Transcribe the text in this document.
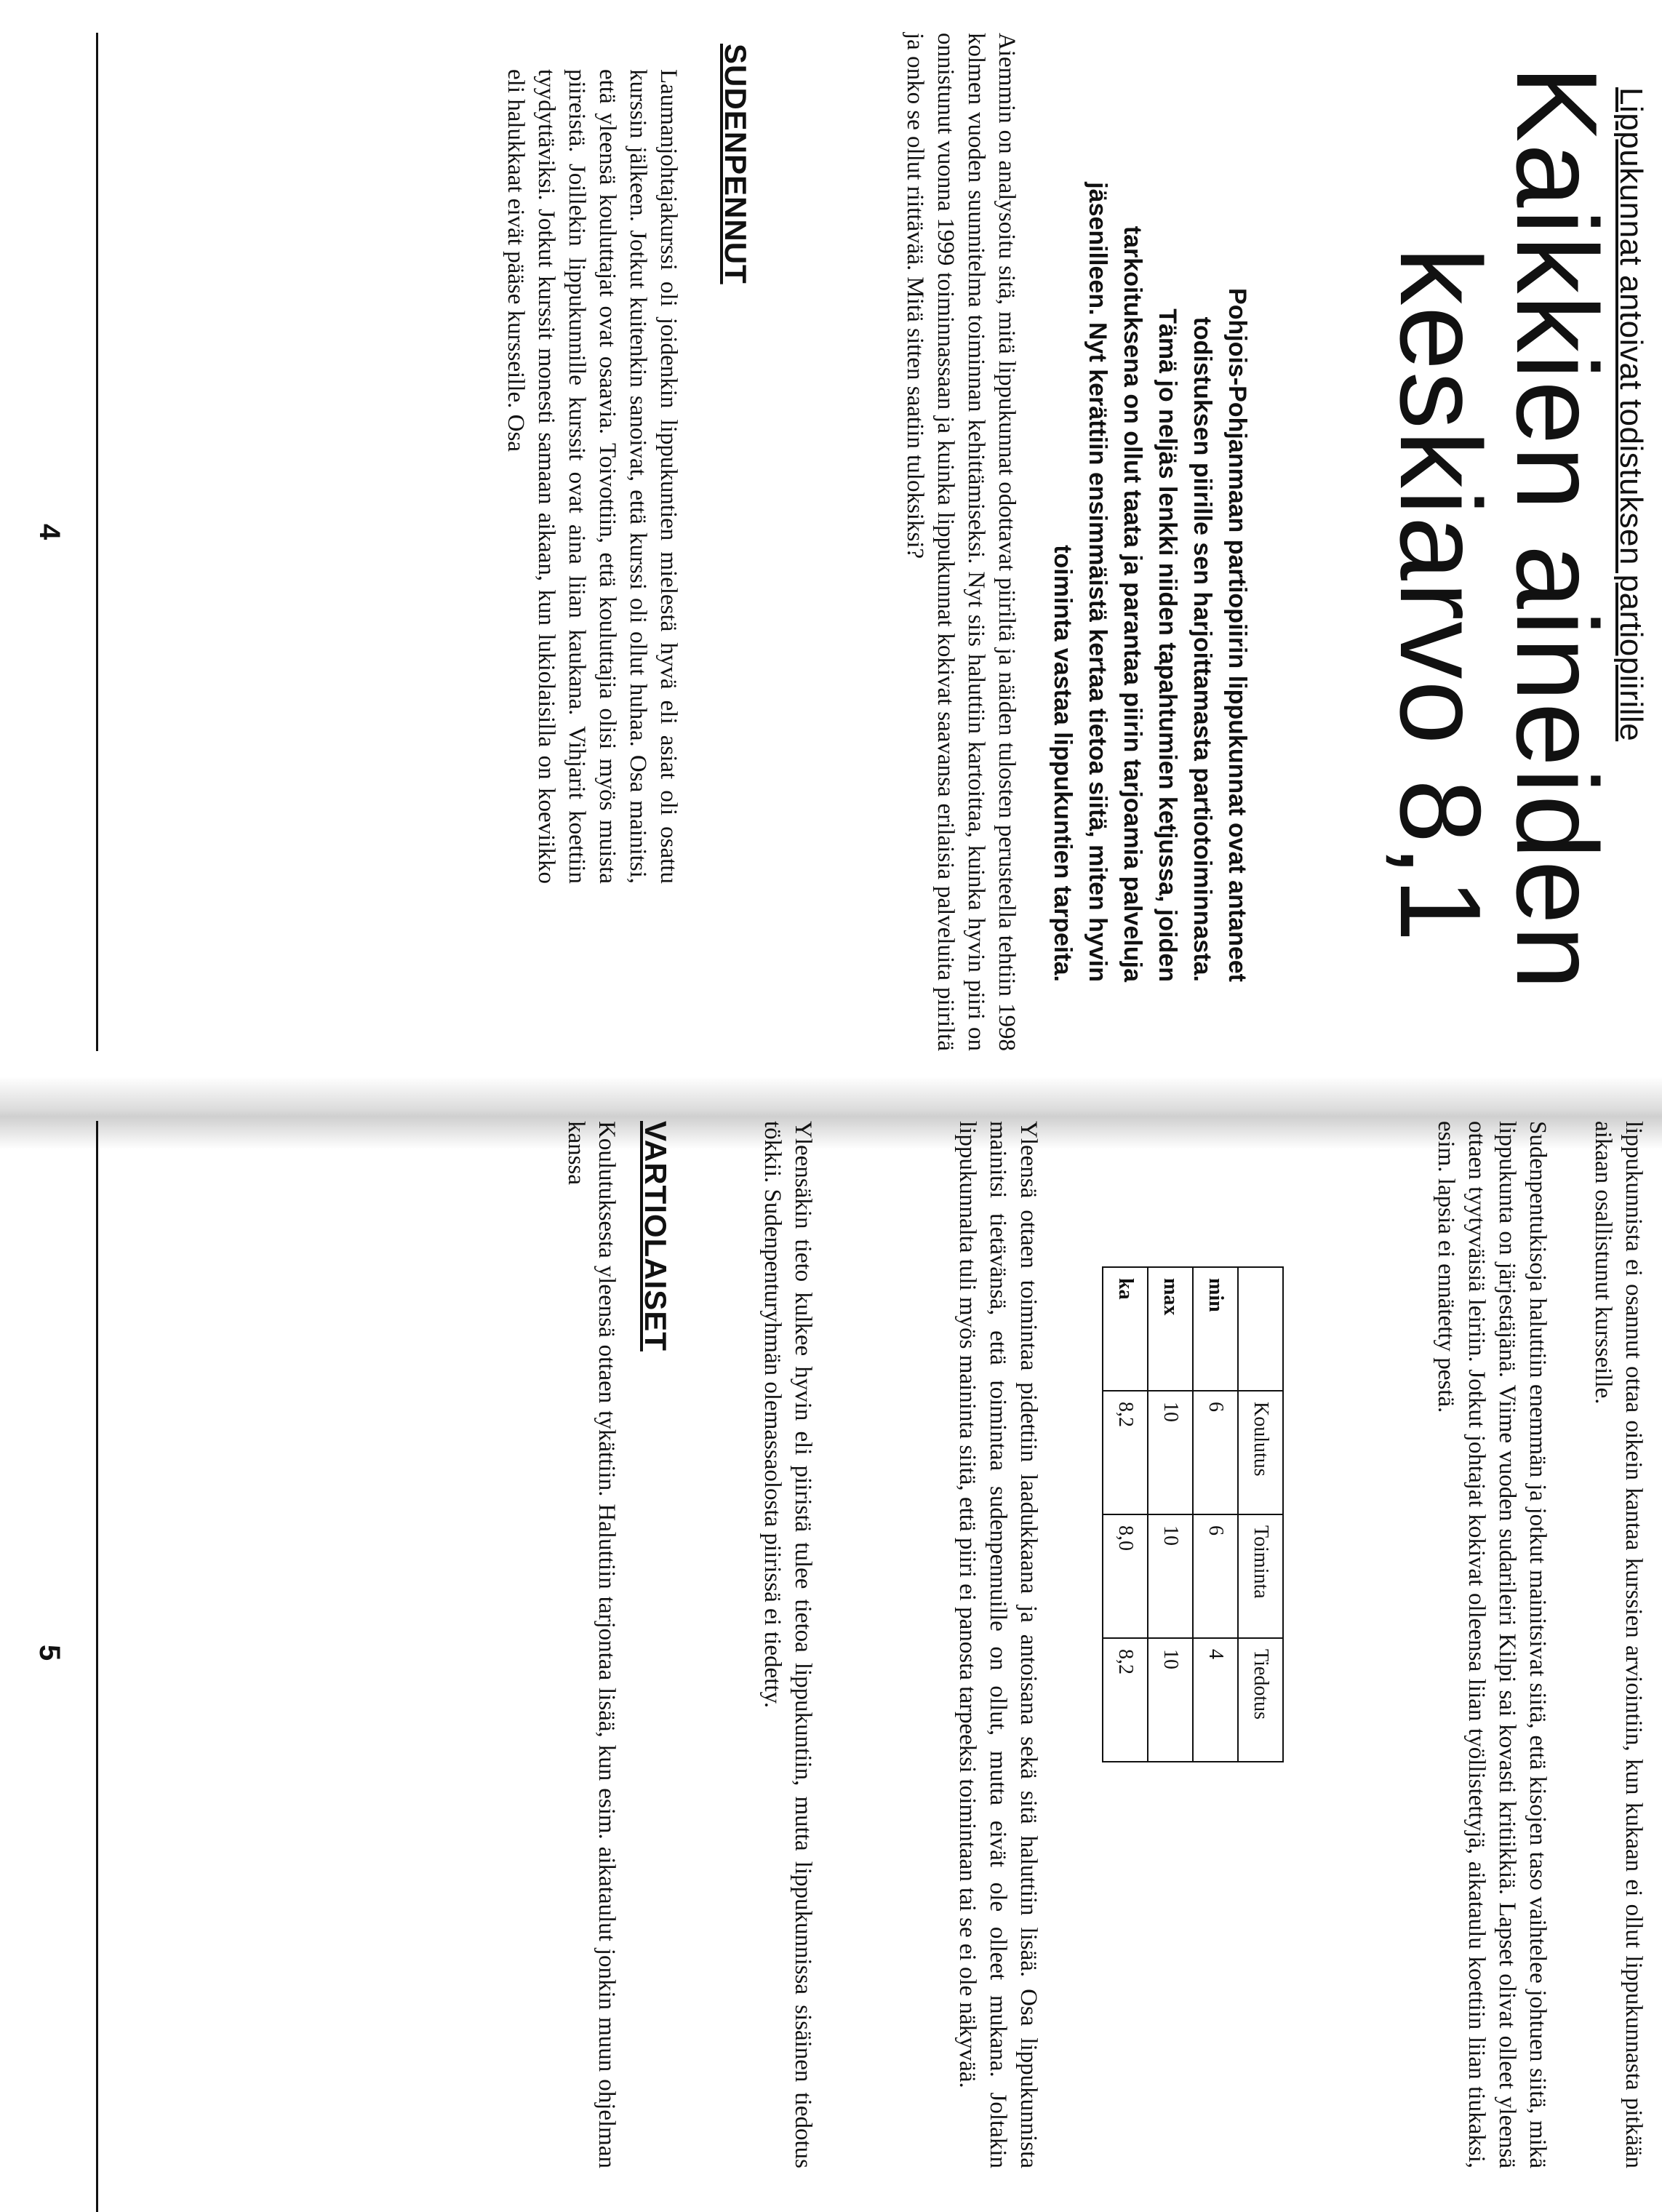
Lippukunnat antoivat todistuksen partiopiirille
Kaikkien aineiden
keskiarvo 8,1

Pohjois-Pohjanmaan partiopiirin lippukunnat ovat antaneet todistuksen piirille sen harjoittamasta partiotoiminnasta.

Tämä jo neljäs lenkki niiden tapahtumien ketjussa, joiden tarkoituksena on ollut taata ja parantaa piirin tarjoamia palveluja jäsenilleen. Nyt kerättiin ensimmäistä kertaa tietoa siitä, miten hyvin toiminta vastaa lippukuntien tarpeita.

Aiemmin on analysoitu sitä, mitä lippukunnat odottavat piiriltä ja näiden tulosten perusteella tehtiin 1998 kolmen vuoden suunnitelma toiminnan kehittämiseksi. Nyt siis haluttiin kartoittaa, kuinka hyvin piiri on onnistunut vuonna 1999 toiminnassaan ja kuinka lippukunnat kokivat saavansa erilaisia palveluita piiriltä ja onko se ollut riittävää. Mitä sitten saatiin tuloksiksi?
SUDENPENNUT
Laumanjohtajakurssi oli joidenkin lippukuntien mielestä hyvä eli asiat oli osattu kurssin jälkeen. Jotkut kuitenkin sanoivat, että kurssi oli ollut huhaa. Osa mainitsi, että yleensä kouluttajat ovat osaavia. Toivottiin, että kouluttajia olisi myös muista piireistä. Joillekin lippukunnille kurssit ovat aina liian kaukana. Vihjarit koettiin tyydyttäviksi. Jotkut kurssit monesti samaan aikaan, kun lukiolaisilla on koeviikko eli halukkaat eivät pääse kursseille. Osa
4
lippukunnista ei osannut ottaa oikein kantaa kurssien arviointiin, kun kukaan ei ollut lippukunnasta pitkään aikaan osallistunut kursseille.
Sudenpentukisoja haluttiin enemmän ja jotkut mainitsivat siitä, että kisojen taso vaihtelee johtuen siitä, mikä lippukunta on järjestäjänä. Viime vuoden sudarileiri Kilpi sai kovasti kritiikkiä. Lapset olivat olleet yleensä ottaen tyytyväisiä leiriin. Jotkut johtajat kokivat olleensa liian työllistettyjä, aikataulu koettiin liian tiukaksi, esim. lapsia ei ennätetty pestä.
	Koulutus	Toiminta	Tiedotus
min	6	6	4
max	10	10	10
ka	8,2	8,0	8,2
Yleensä ottaen toimintaa pidettiin laadukkaana ja antoisana sekä sitä haluttiin lisää. Osa lippukunnista mainitsi tietävänsä, että toimintaa sudenpennuille on ollut, mutta eivät ole olleet mukana. Joltakin lippukunnalta tuli myös maininta siitä, että piiri ei panosta tarpeeksi toimintaan tai se ei ole näkyvää.
Yleensäkin tieto kulkee hyvin eli piiristä tulee tietoa lippukuntiin, mutta lippukunnissa sisäinen tiedotus tökkii. Sudenpenturyhmän olemassaolosta piirissä ei tiedetty.
VARTIOLAISET
Koulutuksesta yleensä ottaen tykättiin. Haluttiin tarjontaa lisää, kun esim. aikataulut jonkin muun ohjelman kanssa
5
